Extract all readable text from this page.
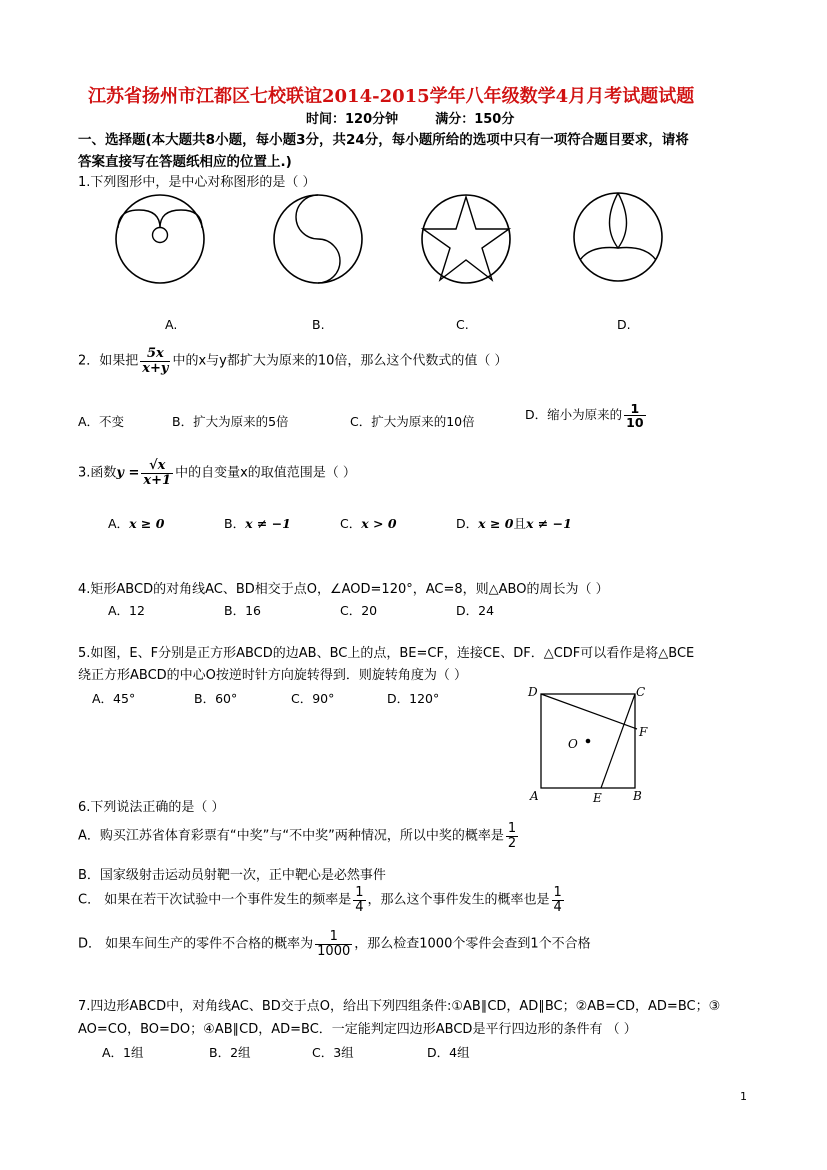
江苏省扬州市江都区七校联谊2014-2015学年八年级数学4月月考试题试题
时间：120分钟	满分：150分
一、选择题(本大题共8小题，每小题3分，共24分，每小题所给的选项中只有一项符合题目要求，请将
答案直接写在答题纸相应的位置上.)
1.下列图形中，是中心对称图形的是（ ）
A.	B.	C.	D.
2．如果把 $\frac{5x}{x+y}$ 中的x与y都扩大为原来的10倍，那么这个代数式的值（ ）
A．不变	B．扩大为原来的5倍	C．扩大为原来的10倍	D．缩小为原来的 $\frac{1}{10}$
3.函数$y = \frac{√x}{x+1}$ 中的自变量x的取值范围是（ ）
A．x ≥ 0	B．x ≠ −1	C．x > 0	D．x ≥ 0且x ≠ −1
4.矩形ABCD的对角线AC、BD相交于点O，∠AOD=120°，AC=8，则△ABO的周长为（ ）
A．12	B．16	C．20	D．24
5.如图，E、F分别是正方形ABCD的边AB、BC上的点，BE=CF，连接CE、DF．△CDF可以看作是将△BCE
绕正方形ABCD的中心O按逆时针方向旋转得到．则旋转角度为（ ）
A．45°	B．60°	C．90°	D．120°	D	C
F
O
A	E	B
6.下列说法正确的是（ ）
A．购买江苏省体育彩票有“中奖”与“不中奖”两种情况，所以中奖的概率是 $\frac{1}{2}$
B．国家级射击运动员射靶一次，正中靶心是必然事件
C． 如果在若干次试验中一个事件发生的频率是 $\frac{1}{4}$ ，那么这个事件发生的概率也是 $\frac{1}{4}$
D． 如果车间生产的零件不合格的概率为 $\frac{1}{1000}$ ，那么检查1000个零件会查到1个不合格
7.四边形ABCD中，对角线AC、BD交于点O，给出下列四组条件:①AB∥CD，AD∥BC；②AB=CD，AD=BC；③
AO=CO，BO=DO；④AB∥CD，AD=BC．一定能判定四边形ABCD是平行四边形的条件有 （ ）
A．1组	B．2组	C．3组	D．4组
1
